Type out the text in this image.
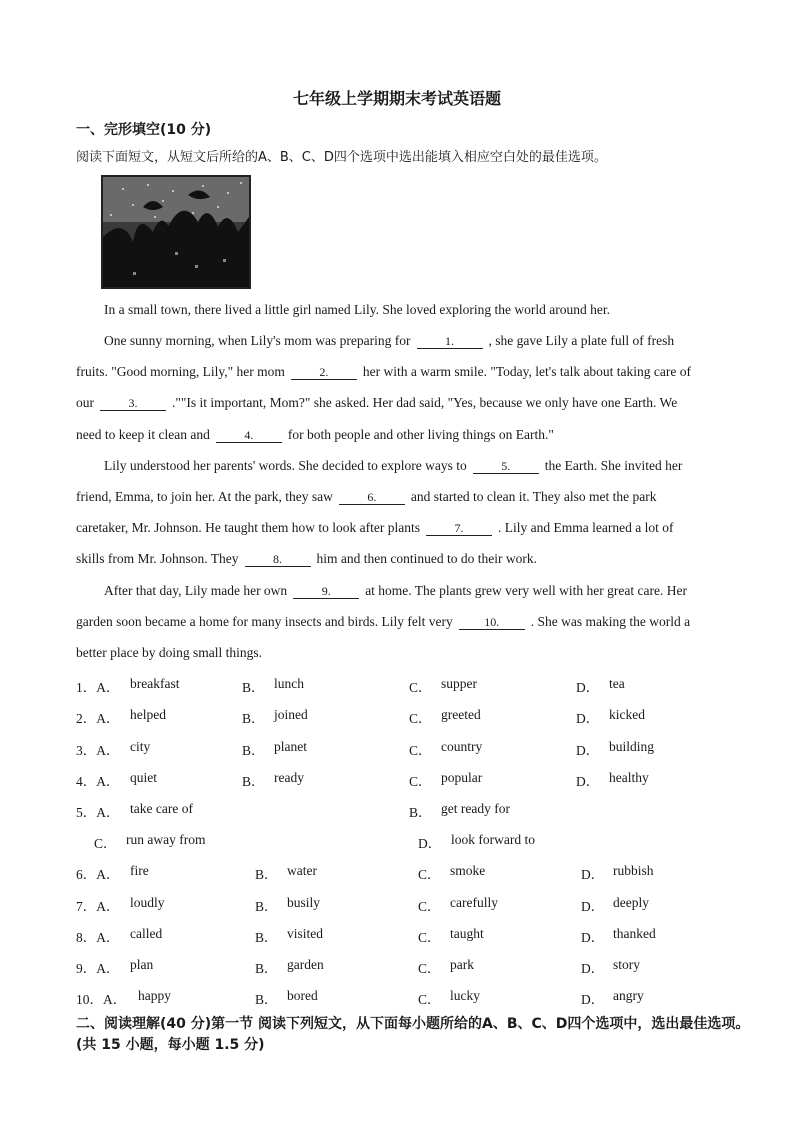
七年级上学期期末考试英语题
一、完形填空(10 分)
阅读下面短文，从短文后所给的A、B、C、D四个选项中选出能填入相应空白处的最佳选项。
In a small town, there lived a little girl named Lily. She loved exploring the world around her.
One sunny morning, when Lily's mom was preparing for	1.	, she gave Lily a plate full of fresh
fruits. "Good morning, Lily," her mom	2.	her with a warm smile. "Today, let's talk about taking care of
our	3.	.""Is it important, Mom?" she asked. Her dad said, "Yes, because we only have one Earth. We
need to keep it clean and	4.	for both people and other living things on Earth."
Lily understood her parents' words. She decided to explore ways to	5.	the Earth. She invited her
friend, Emma, to join her. At the park, they saw	6.	and started to clean it. They also met the park
caretaker, Mr. Johnson. He taught them how to look after plants	7.	. Lily and Emma learned a lot of
skills from Mr. Johnson. They	8.	him and then continued to do their work.
After that day, Lily made her own	9.	at home. The plants grew very well with her great care. Her
garden soon became a home for many insects and birds. Lily felt very	10. . She was making the world a
better place by doing small things.
1．A． breakfast	B． lunch	C． supper	D． tea
2．A． helped	B． joined	C． greeted	D． kicked
3．A． city	B． planet	C． country	D． building
4．A． quiet	B． ready	C． popular	D． healthy
5．A． take care of	B． get ready for
C． run away from	D． look forward to
6．A． fire	B． water	C． smoke	D． rubbish
7．A． loudly	B． busily	C． carefully	D． deeply
8．A． called	B． visited	C． taught	D． thanked
9．A． plan	B． garden	C． park	D． story
10．A． happy	B． bored	C． lucky	D． angry
二、阅读理解(40 分)第一节 阅读下列短文，从下面每小题所给的A、B、C、D四个选项中，选出最佳选项。(共 15 小题，每小题 1.5 分)
